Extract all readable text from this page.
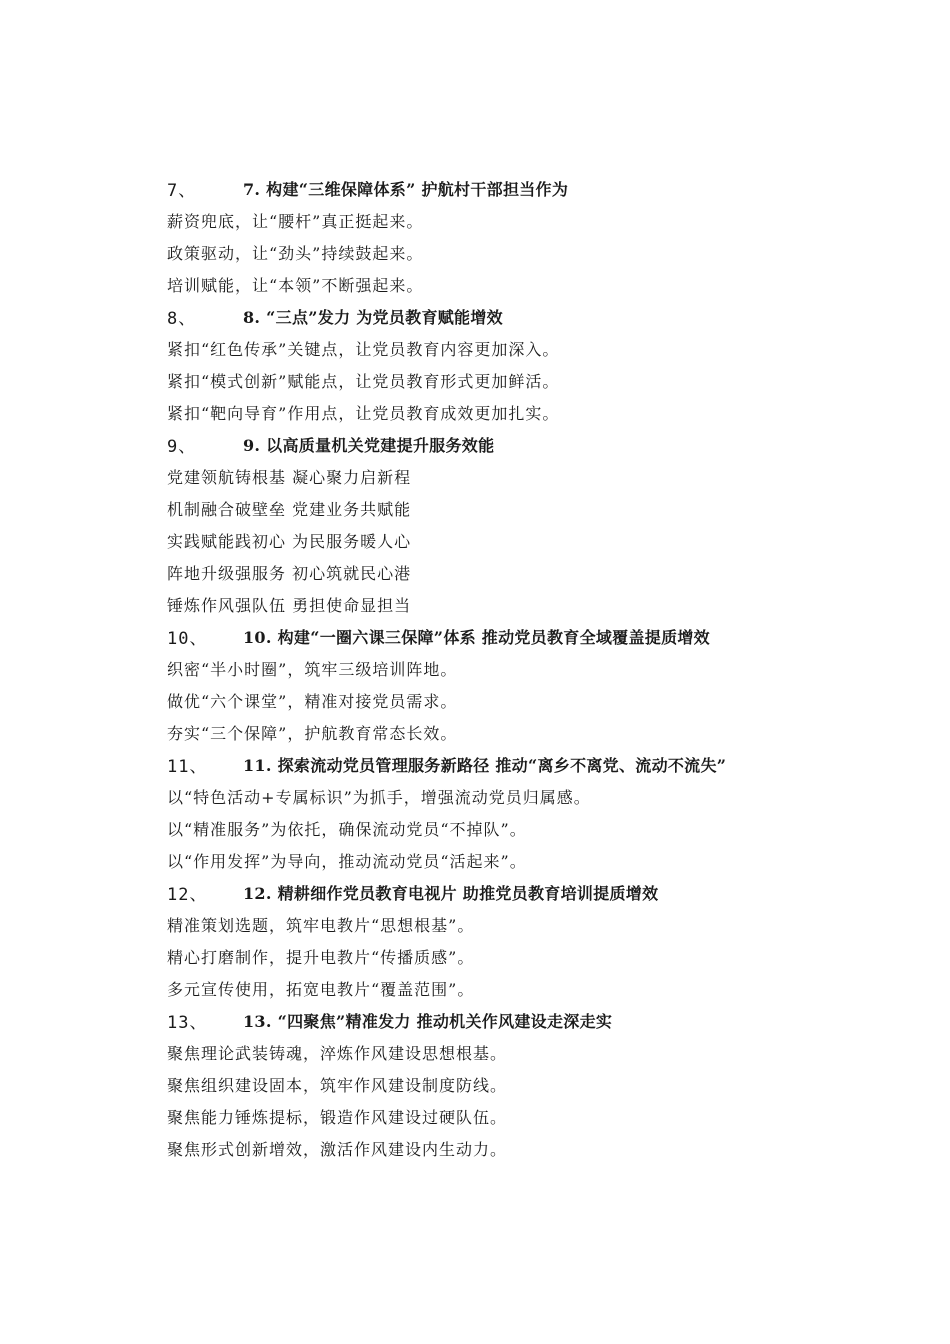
7、	7. 构建“三维保障体系” 护航村干部担当作为
薪资兜底，让“腰杆”真正挺起来。
政策驱动，让“劲头”持续鼓起来。
培训赋能，让“本领”不断强起来。
8、	8. “三点”发力 为党员教育赋能增效
紧扣“红色传承”关键点，让党员教育内容更加深入。
紧扣“模式创新”赋能点，让党员教育形式更加鲜活。
紧扣“靶向导育”作用点，让党员教育成效更加扎实。
9、	9. 以高质量机关党建提升服务效能
党建领航铸根基 凝心聚力启新程
机制融合破壁垒 党建业务共赋能
实践赋能践初心 为民服务暖人心
阵地升级强服务 初心筑就民心港
锤炼作风强队伍 勇担使命显担当
10、	10. 构建“一圈六课三保障”体系 推动党员教育全域覆盖提质增效
织密“半小时圈”，筑牢三级培训阵地。
做优“六个课堂”，精准对接党员需求。
夯实“三个保障”，护航教育常态长效。
11、	11. 探索流动党员管理服务新路径 推动“离乡不离党、流动不流失”
以“特色活动+专属标识”为抓手，增强流动党员归属感。
以“精准服务”为依托，确保流动党员“不掉队”。
以“作用发挥”为导向，推动流动党员“活起来”。
12、	12. 精耕细作党员教育电视片 助推党员教育培训提质增效
精准策划选题，筑牢电教片“思想根基”。
精心打磨制作，提升电教片“传播质感”。
多元宣传使用，拓宽电教片“覆盖范围”。
13、	13. “四聚焦”精准发力 推动机关作风建设走深走实
聚焦理论武装铸魂，淬炼作风建设思想根基。
聚焦组织建设固本，筑牢作风建设制度防线。
聚焦能力锤炼提标，锻造作风建设过硬队伍。
聚焦形式创新增效，激活作风建设内生动力。
